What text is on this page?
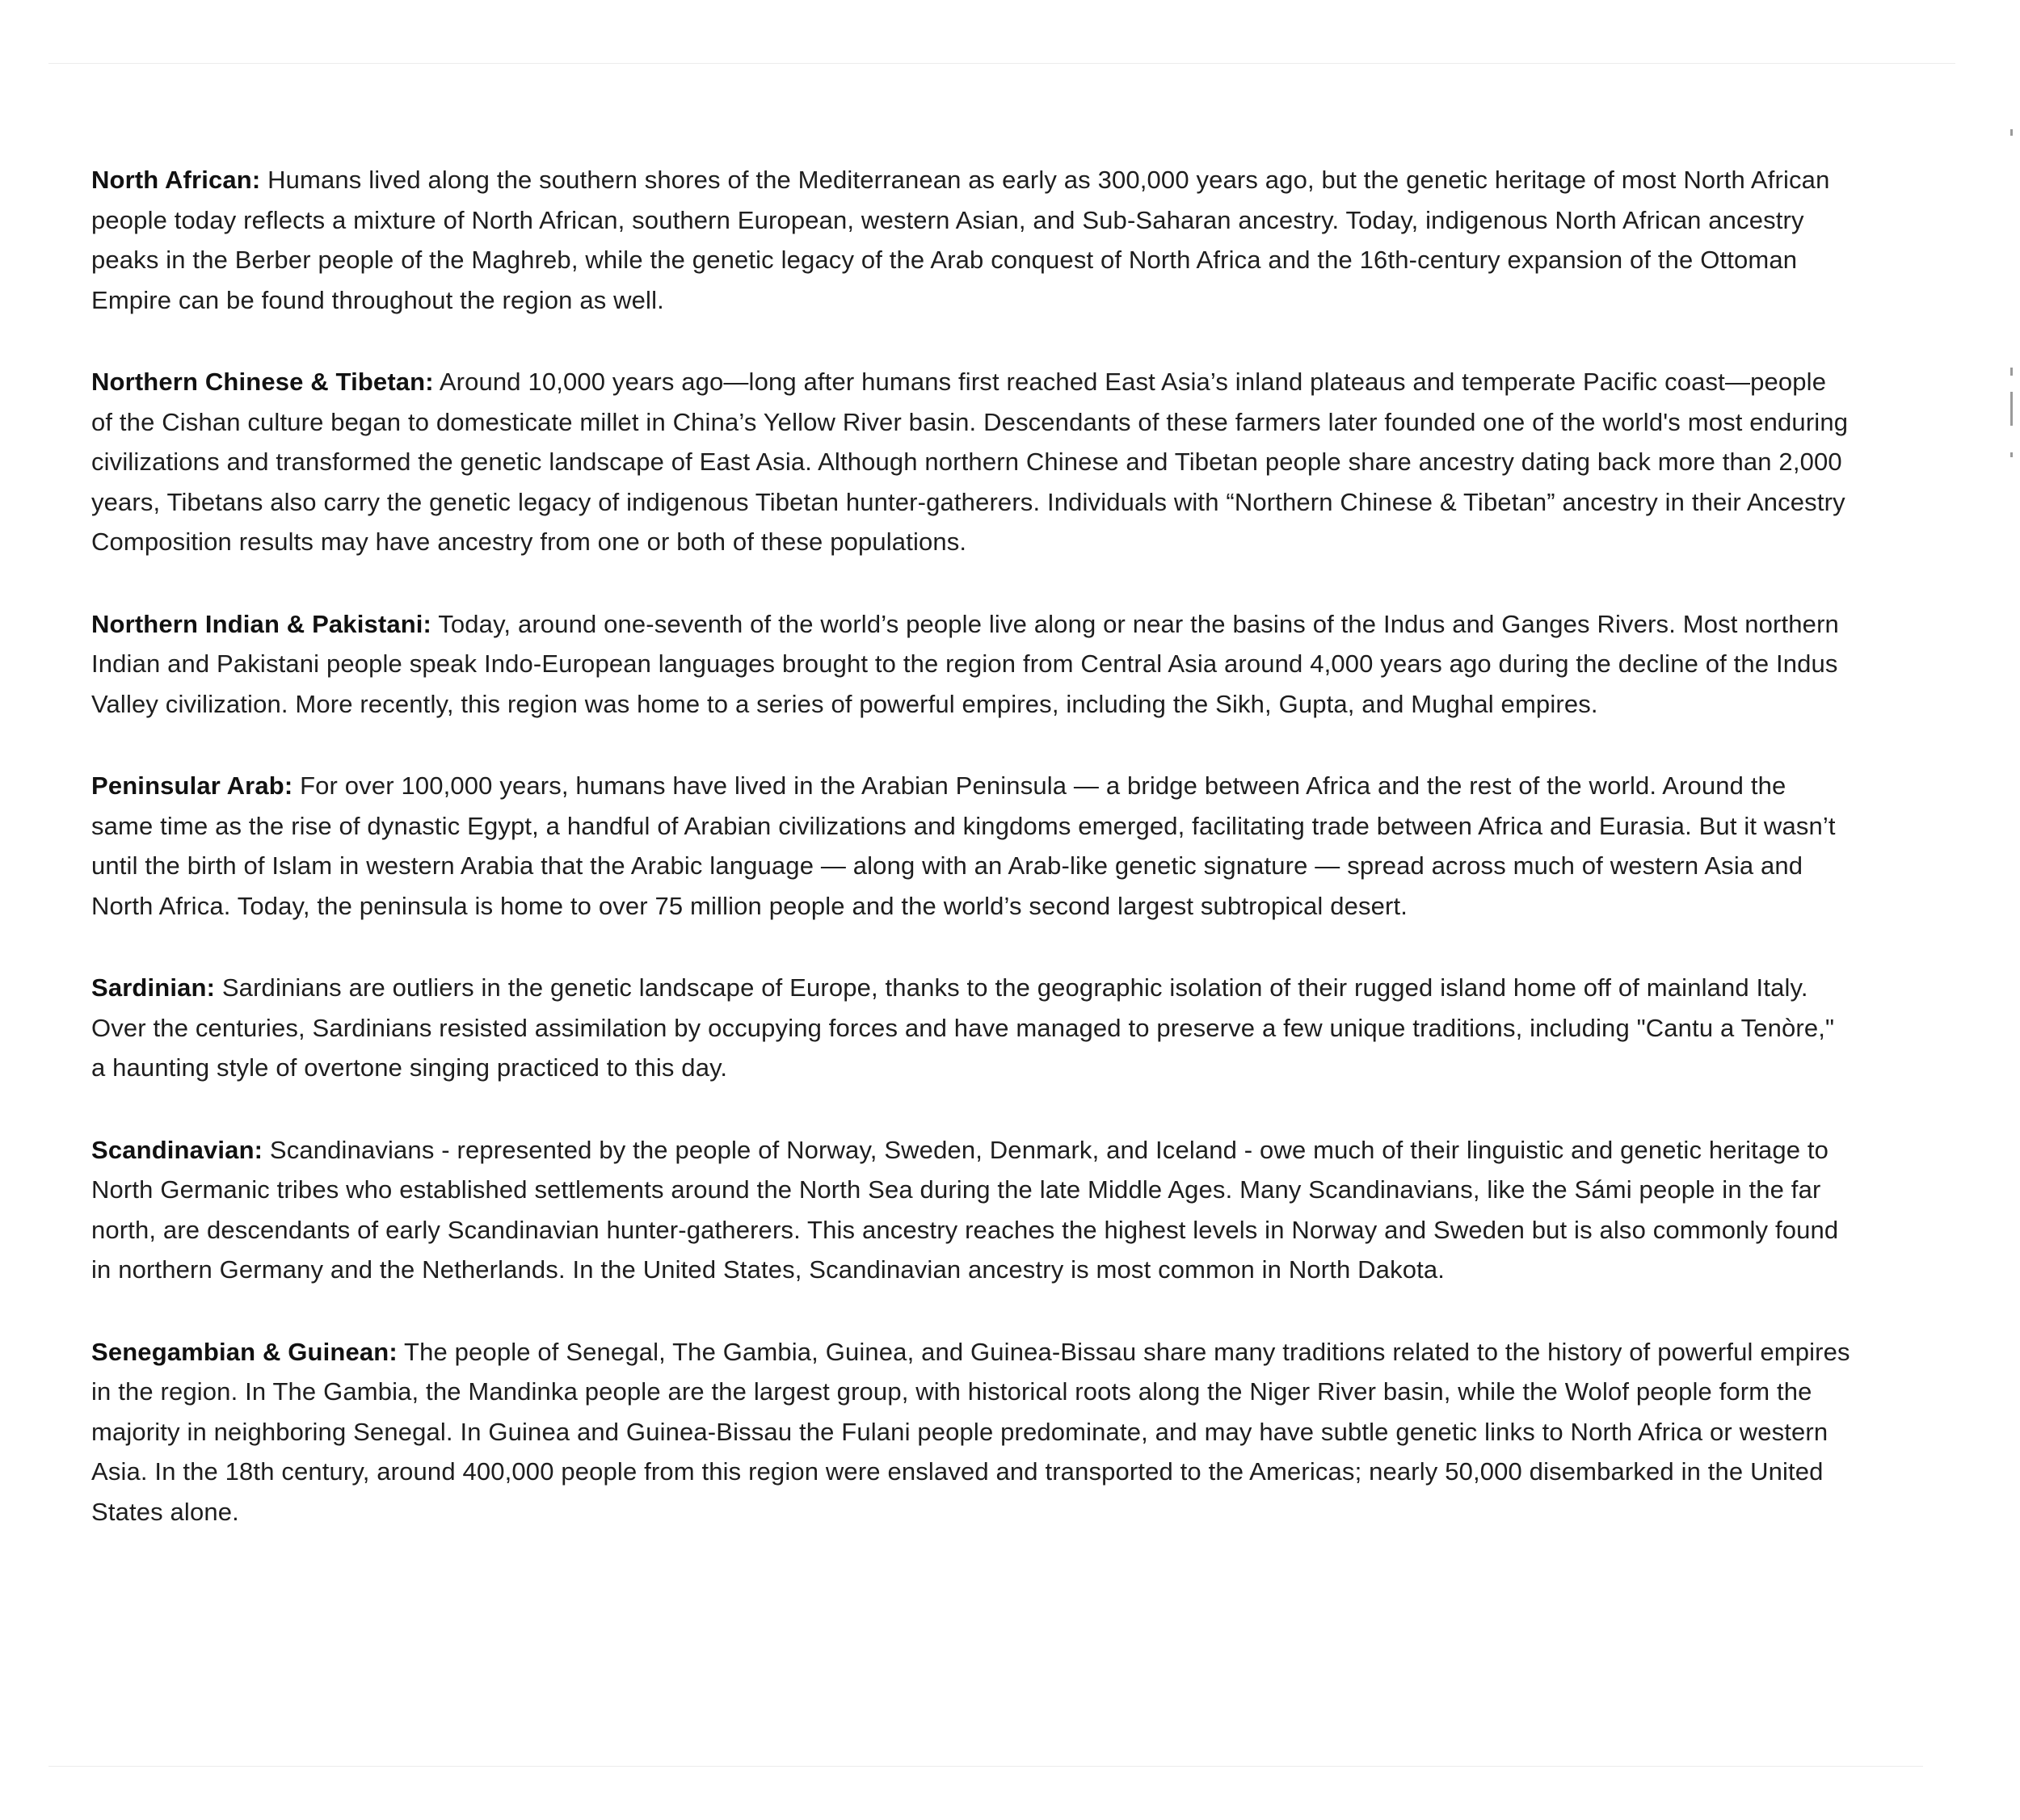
North African: Humans lived along the southern shores of the Mediterranean as early as 300,000 years ago, but the genetic heritage of most North African people today reflects a mixture of North African, southern European, western Asian, and Sub-Saharan ancestry. Today, indigenous North African ancestry peaks in the Berber people of the Maghreb, while the genetic legacy of the Arab conquest of North Africa and the 16th-century expansion of the Ottoman Empire can be found throughout the region as well.

Northern Chinese & Tibetan: Around 10,000 years ago—long after humans first reached East Asia’s inland plateaus and temperate Pacific coast—people of the Cishan culture began to domesticate millet in China’s Yellow River basin. Descendants of these farmers later founded one of the world's most enduring civilizations and transformed the genetic landscape of East Asia. Although northern Chinese and Tibetan people share ancestry dating back more than 2,000 years, Tibetans also carry the genetic legacy of indigenous Tibetan hunter-gatherers. Individuals with “Northern Chinese & Tibetan” ancestry in their Ancestry Composition results may have ancestry from one or both of these populations.

Northern Indian & Pakistani: Today, around one-seventh of the world’s people live along or near the basins of the Indus and Ganges Rivers. Most northern Indian and Pakistani people speak Indo-European languages brought to the region from Central Asia around 4,000 years ago during the decline of the Indus Valley civilization. More recently, this region was home to a series of powerful empires, including the Sikh, Gupta, and Mughal empires.

Peninsular Arab: For over 100,000 years, humans have lived in the Arabian Peninsula — a bridge between Africa and the rest of the world. Around the same time as the rise of dynastic Egypt, a handful of Arabian civilizations and kingdoms emerged, facilitating trade between Africa and Eurasia. But it wasn’t until the birth of Islam in western Arabia that the Arabic language — along with an Arab-like genetic signature — spread across much of western Asia and North Africa. Today, the peninsula is home to over 75 million people and the world’s second largest subtropical desert.

Sardinian: Sardinians are outliers in the genetic landscape of Europe, thanks to the geographic isolation of their rugged island home off of mainland Italy. Over the centuries, Sardinians resisted assimilation by occupying forces and have managed to preserve a few unique traditions, including "Cantu a Tenòre," a haunting style of overtone singing practiced to this day.

Scandinavian: Scandinavians - represented by the people of Norway, Sweden, Denmark, and Iceland - owe much of their linguistic and genetic heritage to North Germanic tribes who established settlements around the North Sea during the late Middle Ages. Many Scandinavians, like the Sámi people in the far north, are descendants of early Scandinavian hunter-gatherers. This ancestry reaches the highest levels in Norway and Sweden but is also commonly found in northern Germany and the Netherlands. In the United States, Scandinavian ancestry is most common in North Dakota.

Senegambian & Guinean: The people of Senegal, The Gambia, Guinea, and Guinea-Bissau share many traditions related to the history of powerful empires in the region. In The Gambia, the Mandinka people are the largest group, with historical roots along the Niger River basin, while the Wolof people form the majority in neighboring Senegal. In Guinea and Guinea-Bissau the Fulani people predominate, and may have subtle genetic links to North Africa or western Asia. In the 18th century, around 400,000 people from this region were enslaved and transported to the Americas; nearly 50,000 disembarked in the United States alone.
